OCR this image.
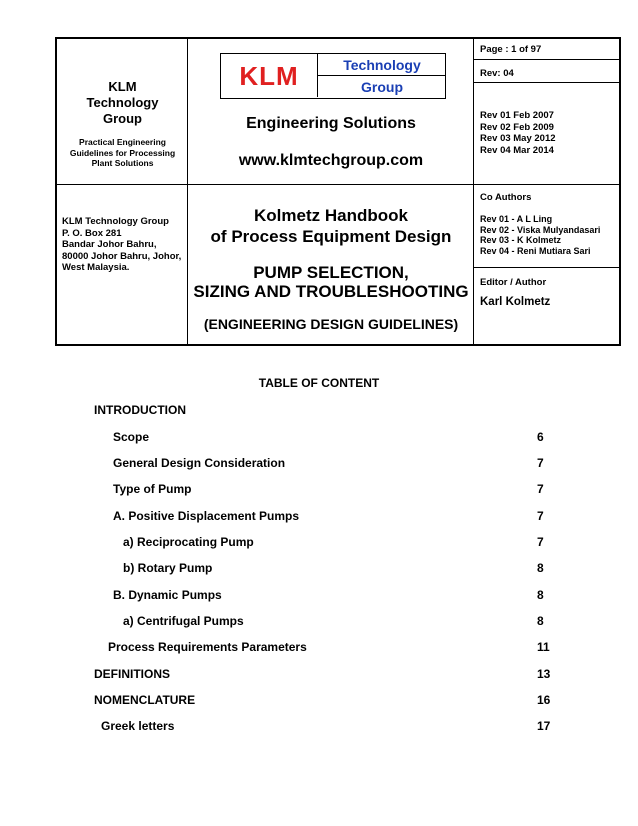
KLM Technology Group
Practical Engineering Guidelines for Processing Plant Solutions
KLM	Technology
Group
Engineering Solutions
www.klmtechgroup.com
Page : 1 of 97
Rev: 04
Rev 01 Feb 2007
Rev 02 Feb 2009
Rev 03 May 2012
Rev 04 Mar 2014
KLM Technology Group
P. O. Box 281
Bandar Johor Bahru,
80000 Johor Bahru, Johor,
West Malaysia.
Kolmetz Handbook
of Process Equipment Design
PUMP SELECTION,
SIZING AND TROUBLESHOOTING
(ENGINEERING DESIGN GUIDELINES)
Co Authors
Rev 01 - A L Ling
Rev 02 - Viska Mulyandasari
Rev 03 - K Kolmetz
Rev 04 - Reni Mutiara Sari
Editor / Author
Karl Kolmetz
TABLE OF CONTENT
INTRODUCTION
Scope	6
General Design Consideration	7
Type of Pump	7
A. Positive Displacement Pumps	7
a) Reciprocating Pump	7
b) Rotary Pump	8
B. Dynamic Pumps	8
a) Centrifugal Pumps	8
Process Requirements Parameters	11
DEFINITIONS	13
NOMENCLATURE	16
Greek letters	17
